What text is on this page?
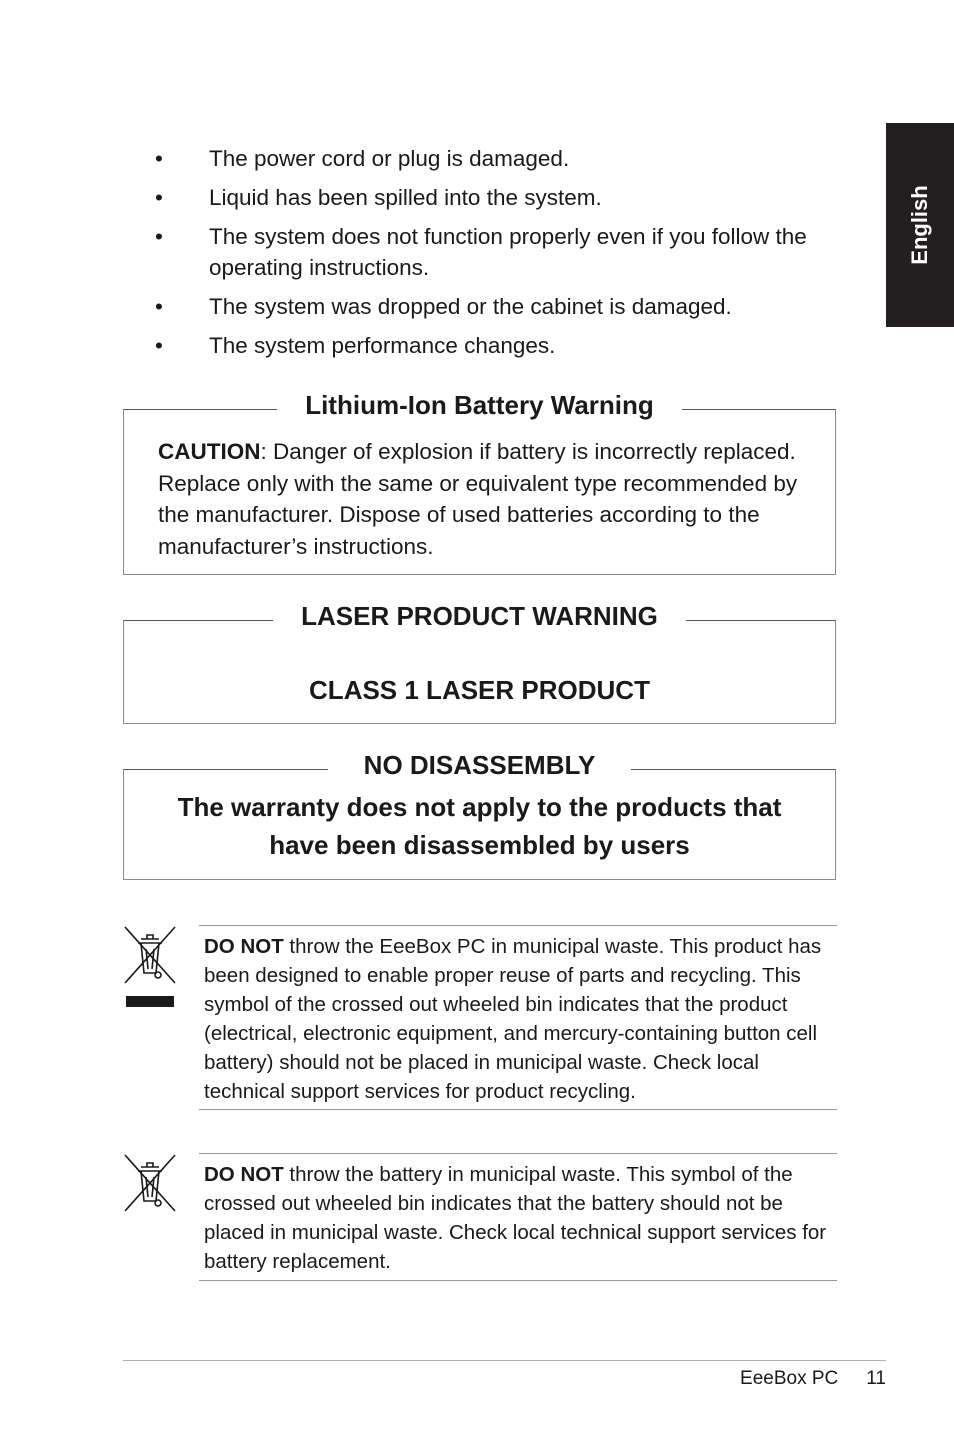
English
• The power cord or plug is damaged.
• Liquid has been spilled into the system.
• The system does not function properly even if you follow the operating instructions.
• The system was dropped or the cabinet is damaged.
• The system performance changes.
Lithium-Ion Battery Warning
CAUTION: Danger of explosion if battery is incorrectly replaced. Replace only with the same or equivalent type recommended by the manufacturer. Dispose of used batteries according to the manufacturer’s instructions.
LASER PRODUCT WARNING
CLASS 1 LASER PRODUCT
NO DISASSEMBLY
The warranty does not apply to the products that
have been disassembled by users
DO NOT throw the EeeBox PC in municipal waste. This product has been designed to enable proper reuse of parts and recycling. This symbol of the crossed out wheeled bin indicates that the product (electrical, electronic equipment, and mercury-containing button cell battery) should not be placed in municipal waste. Check local technical support services for product recycling.
DO NOT throw the battery in municipal waste. This symbol of the crossed out wheeled bin indicates that the battery should not be placed in municipal waste. Check local technical support services for battery replacement.
EeeBox PC 11
